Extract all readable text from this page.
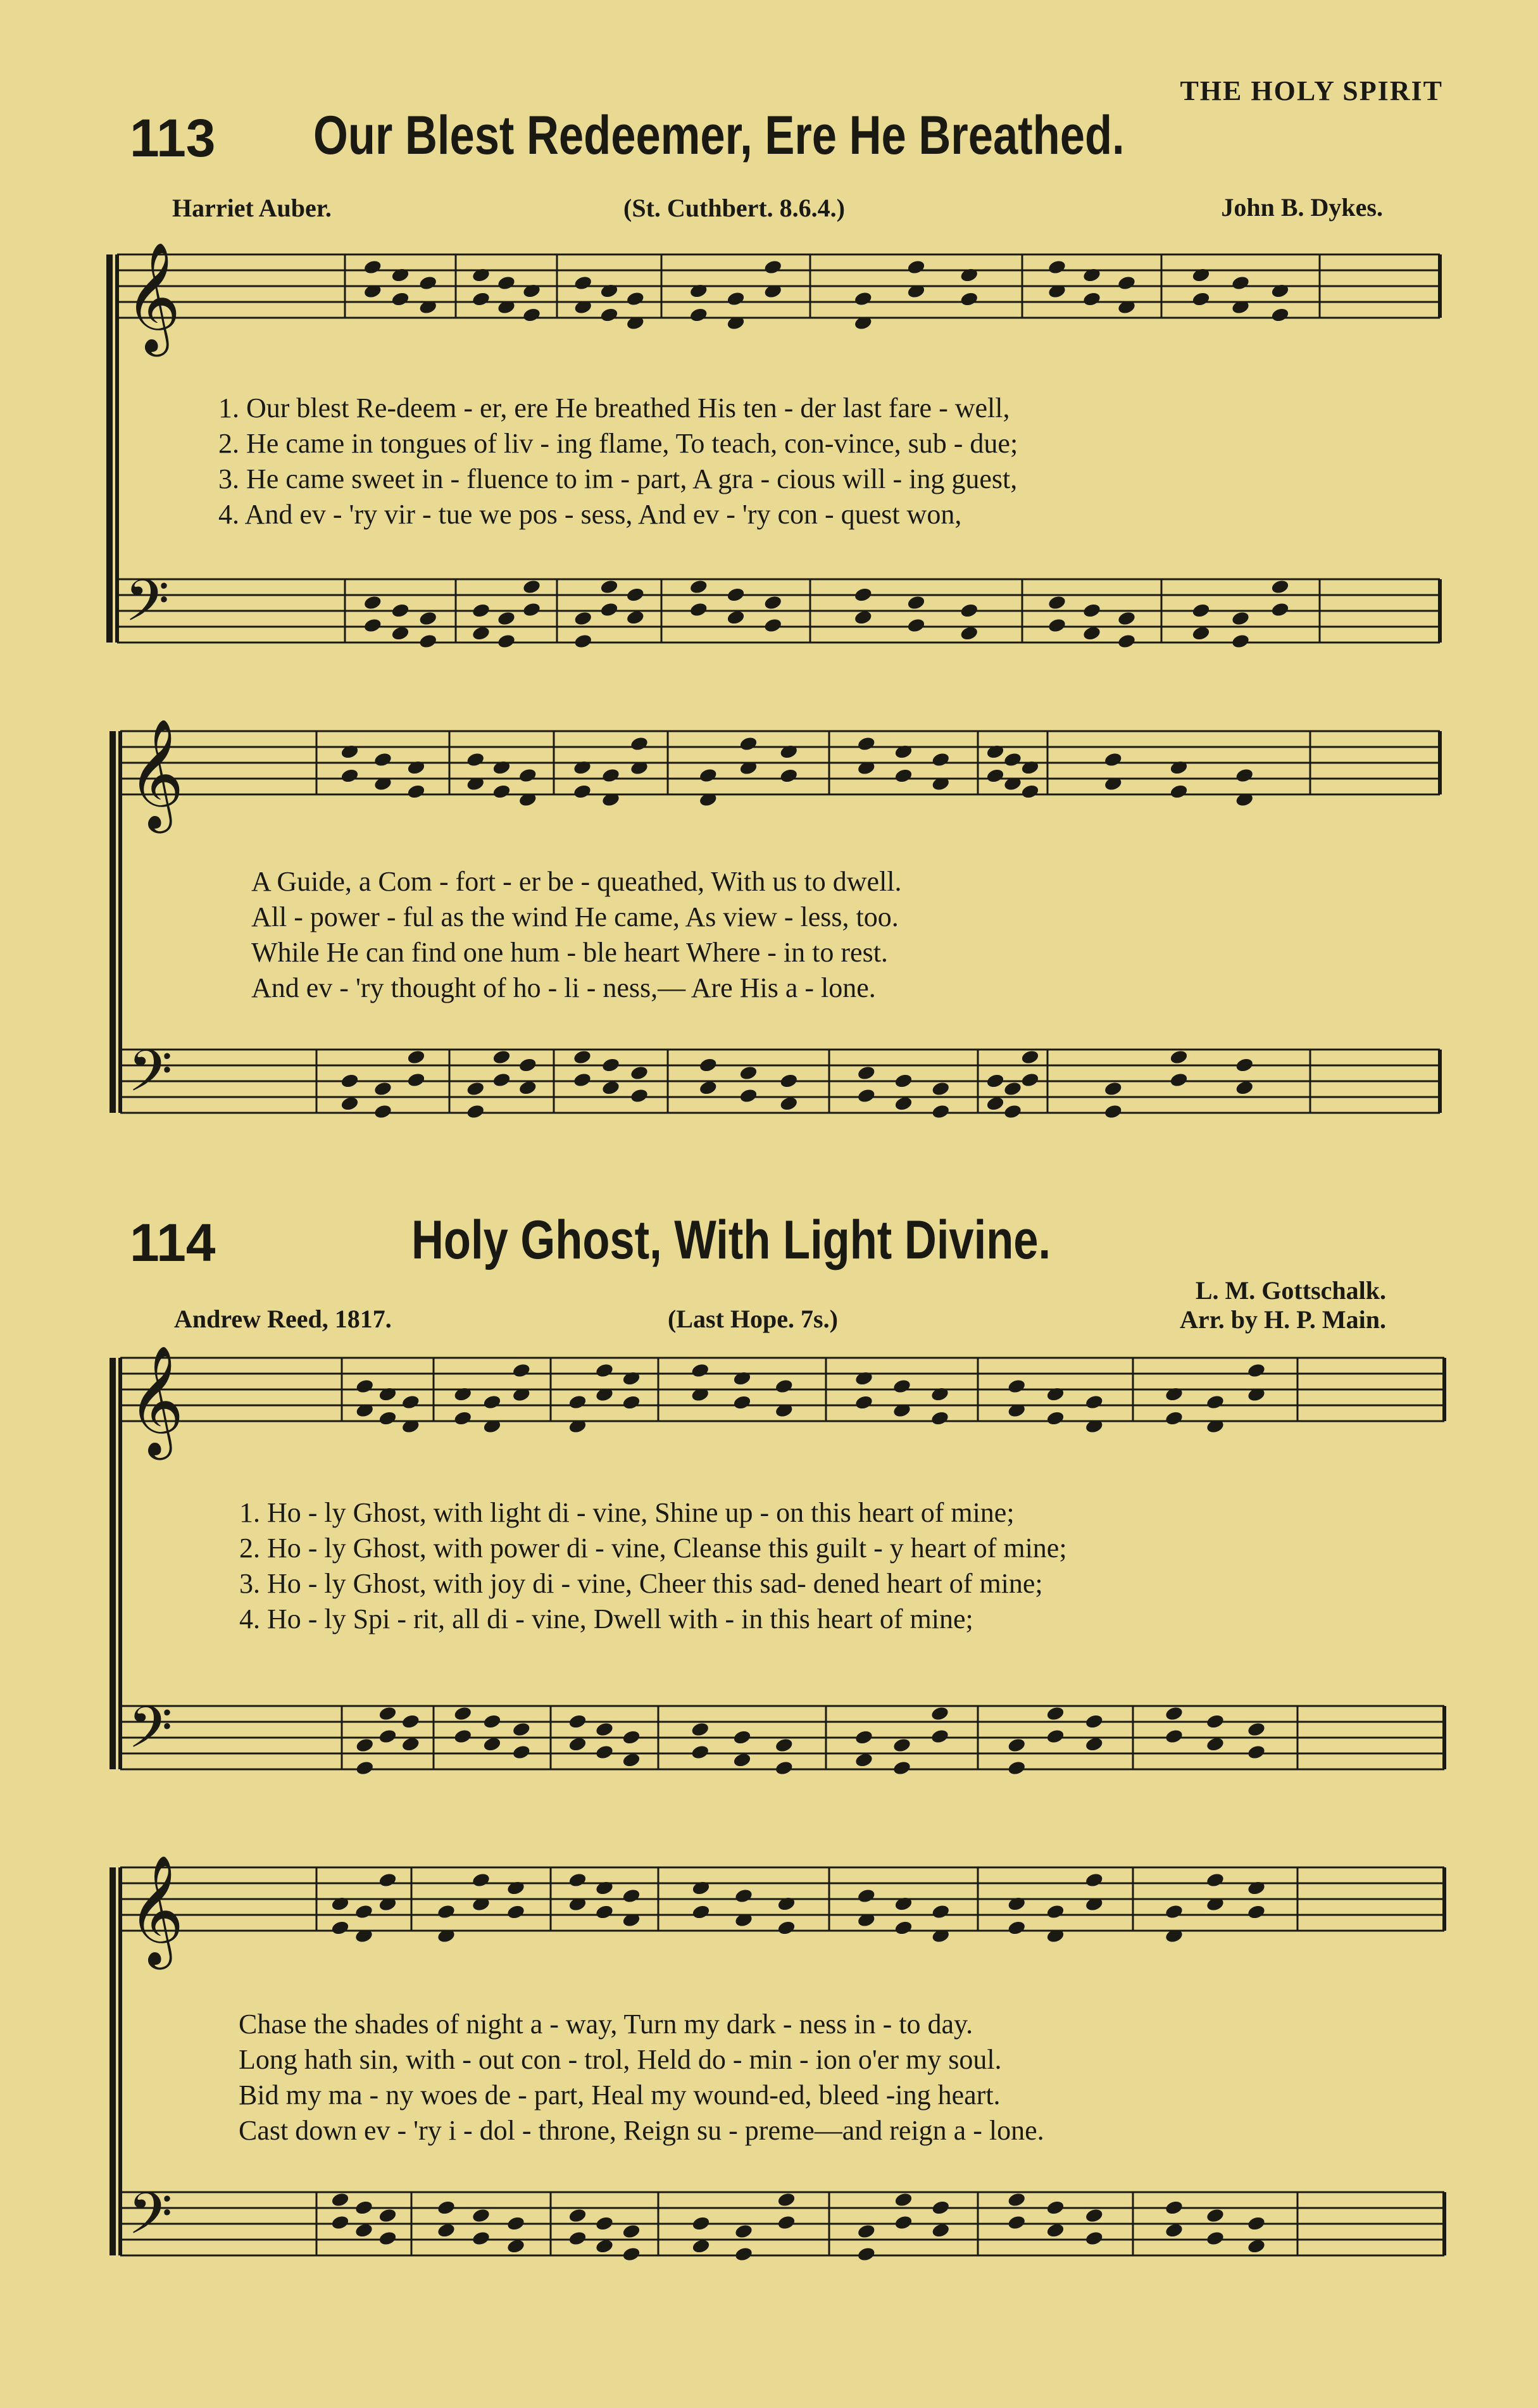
THE HOLY SPIRIT
113 Our Blest Redeemer, Ere He Breathed.
Harriet Auber.	(St. Cuthbert. 8.6.4.)	John B. Dykes.
114	Holy Ghost, With Light Divine.
Andrew Reed, 1817.	(Last Hope. 7s.)
L. M. Gottschalk.
Arr. by H. P. Main.
𝄞
𝄢
𝄞
𝄢
𝄞
𝄢
𝄞
𝄢
1. Our blest Re-deem - er, ere He breathed His ten - der last fare - well,
2. He came in tongues of liv - ing flame, To teach, con-vince, sub - due;
3. He came sweet in - fluence to im - part, A gra - cious will - ing guest,
4. And ev - 'ry vir - tue we pos - sess, And ev - 'ry con - quest won,
A Guide, a Com - fort - er be - queathed, With us to dwell.
All - power - ful as the wind He came, As view - less, too.
While He can find one hum - ble heart Where - in to rest.
And ev - 'ry thought of ho - li - ness,— Are His a - lone.
1. Ho - ly Ghost, with light di - vine, Shine up - on this heart of mine;
2. Ho - ly Ghost, with power di - vine, Cleanse this guilt - y heart of mine;
3. Ho - ly Ghost, with joy di - vine, Cheer this sad- dened heart of mine;
4. Ho - ly Spi - rit, all di - vine, Dwell with - in this heart of mine;
Chase the shades of night a - way, Turn my dark - ness in - to day.
Long hath sin, with - out con - trol, Held do - min - ion o'er my soul.
Bid my ma - ny woes de - part, Heal my wound-ed, bleed -ing heart.
Cast down ev - 'ry i - dol - throne, Reign su - preme—and reign a - lone.
